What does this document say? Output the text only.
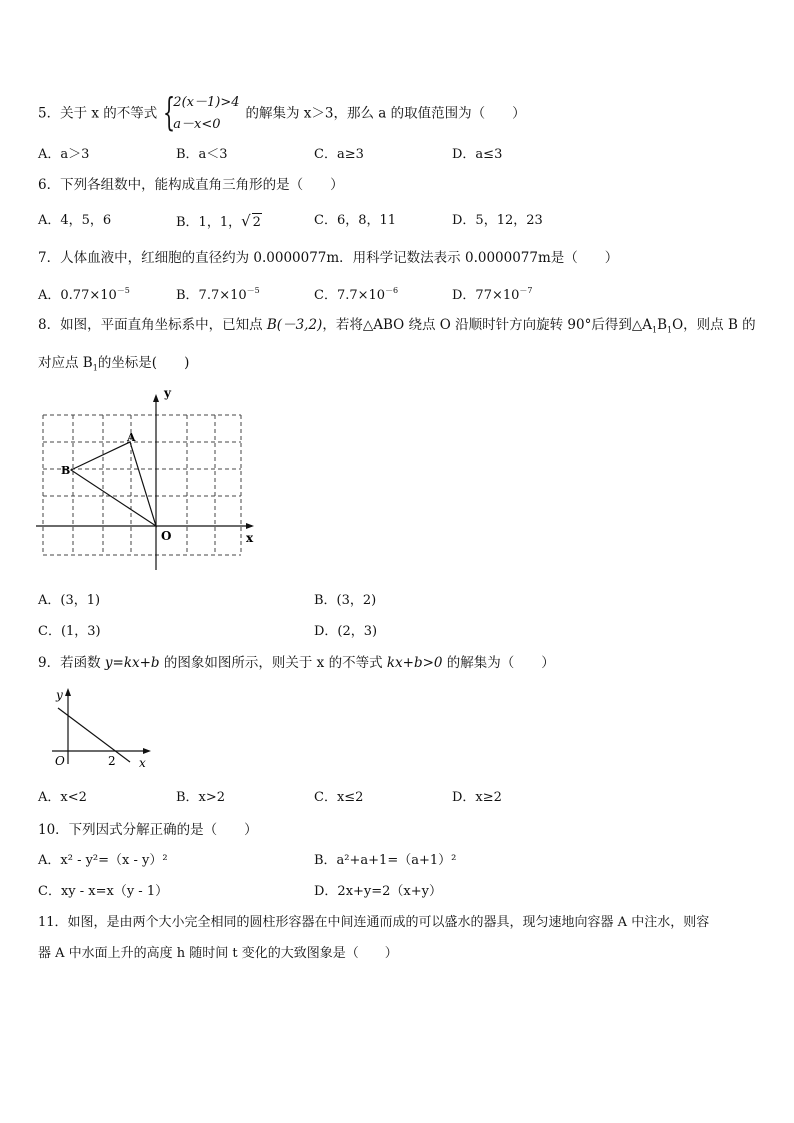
5．关于 x 的不等式 {
2(x－1)>4
a－x<0
的解集为 x＞3，那么 a 的取值范围为（　　）
A．a＞3	B．a＜3	C．a≥3	D．a≤3
6．下列各组数中，能构成直角三角形的是（　　）
A．4，5，6	B．1，1，√ 2	C．6，8，11	D．5，12，23
7．人体血液中，红细胞的直径约为 0.0000077m．用科学记数法表示 0.0000077m是（　　）
A．$0.77\times 10^{-5}$	B．$7.7\times 10^{-5}$	C．$7.7\times 10^{-6}$	D．$77\times 10^{-7}$
8．如图，平面直角坐标系中，已知点 B(－3,2)，若将△ABO 绕点 O 沿顺时针方向旋转 90°后得到$\triangle A_1B_1O$，则点 B 的
对应点 $B_1$的坐标是(　　)
y
x
O
A
B
A．(3，1)	B．(3，2)
C．(1，3)	D．(2，3)
9．若函数 y=kx+b 的图象如图所示，则关于 x 的不等式 kx+b>0 的解集为（　　）
y
O	2 x
A．x<2	B．x>2	C．x≤2	D．x≥2
10．下列因式分解正确的是（　　）
A．x² - y²=（x - y）²	B．a²+a+1=（a+1）²
C．xy - x=x（y - 1）	D．2x+y=2（x+y）
11．如图，是由两个大小完全相同的圆柱形容器在中间连通而成的可以盛水的器具，现匀速地向容器 A 中注水，则容
器 A 中水面上升的高度 h 随时间 t 变化的大致图象是（　　）
